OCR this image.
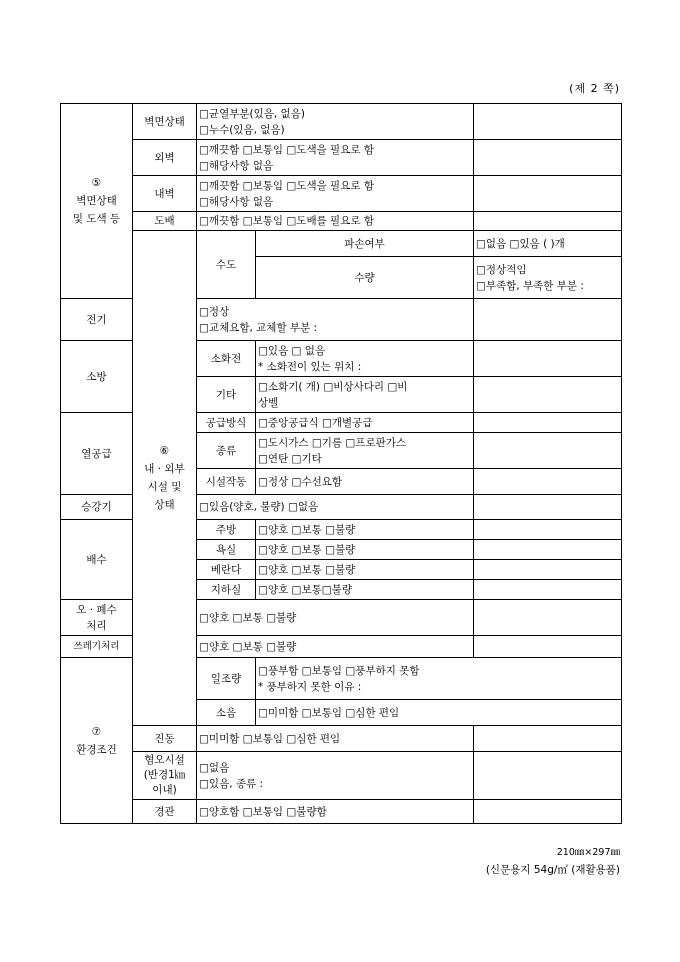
(제 2 쪽)
⑤
벽면상태
및 도색 등	벽면상태	□균열부분(있음, 없음)
□누수(있음, 없음)			

	외벽	□깨끗함 □보통임 □도색을 필요로 함
□해당사항 없음			

	내벽	□깨끗함 □보통임 □도색을 필요로 함
□해당사항 없음			

	도배	□깨끗함 □보통임 □도배를 필요로 함			

	⑥
내 · 외부
시설 및
상태	수도	파손여부	□없음 □있음 ( )개	

			수량	□정상적임
□부족함, 부족한 부분 :	

전기		□정상
□교체요함, 교체할 부분 :			

소방		소화전	□있음 □ 없음
* 소화전이 있는 위치 :		

		기타	□소화기( 개) □비상사다리 □비
상벨		

열공급		공급방식	□중앙공급식 □개별공급		

		종류	□도시가스 □기름 □프로판가스
□연탄 □기타		

		시설작동	□정상 □수선요함		

승강기		□있음(양호, 불량) □없음			

배수		주방	□양호 □보통 □불량		

		욕실	□양호 □보통 □불량		

		베란다	□양호 □보통 □불량		

		지하실	□양호 □보통□불량		

오 · 폐수
처리		□양호 □보통 □불량			

쓰레기처리		□양호 □보통 □불량			

⑦
환경조건		일조량	□풍부함 □보통임 □풍부하지 못함
* 풍부하지 못한 이유 :		

		소음	□미미함 □보통임 □심한 편임		

	진동	□미미함 □보통임 □심한 편임			

	혐오시설
(반경1㎞
이내)	□없음
□있음, 종류 :			

	경관	□양호함 □보통임 □불량함			

210㎜×297㎜
(신문용지 54g/㎡ (재활용품)
